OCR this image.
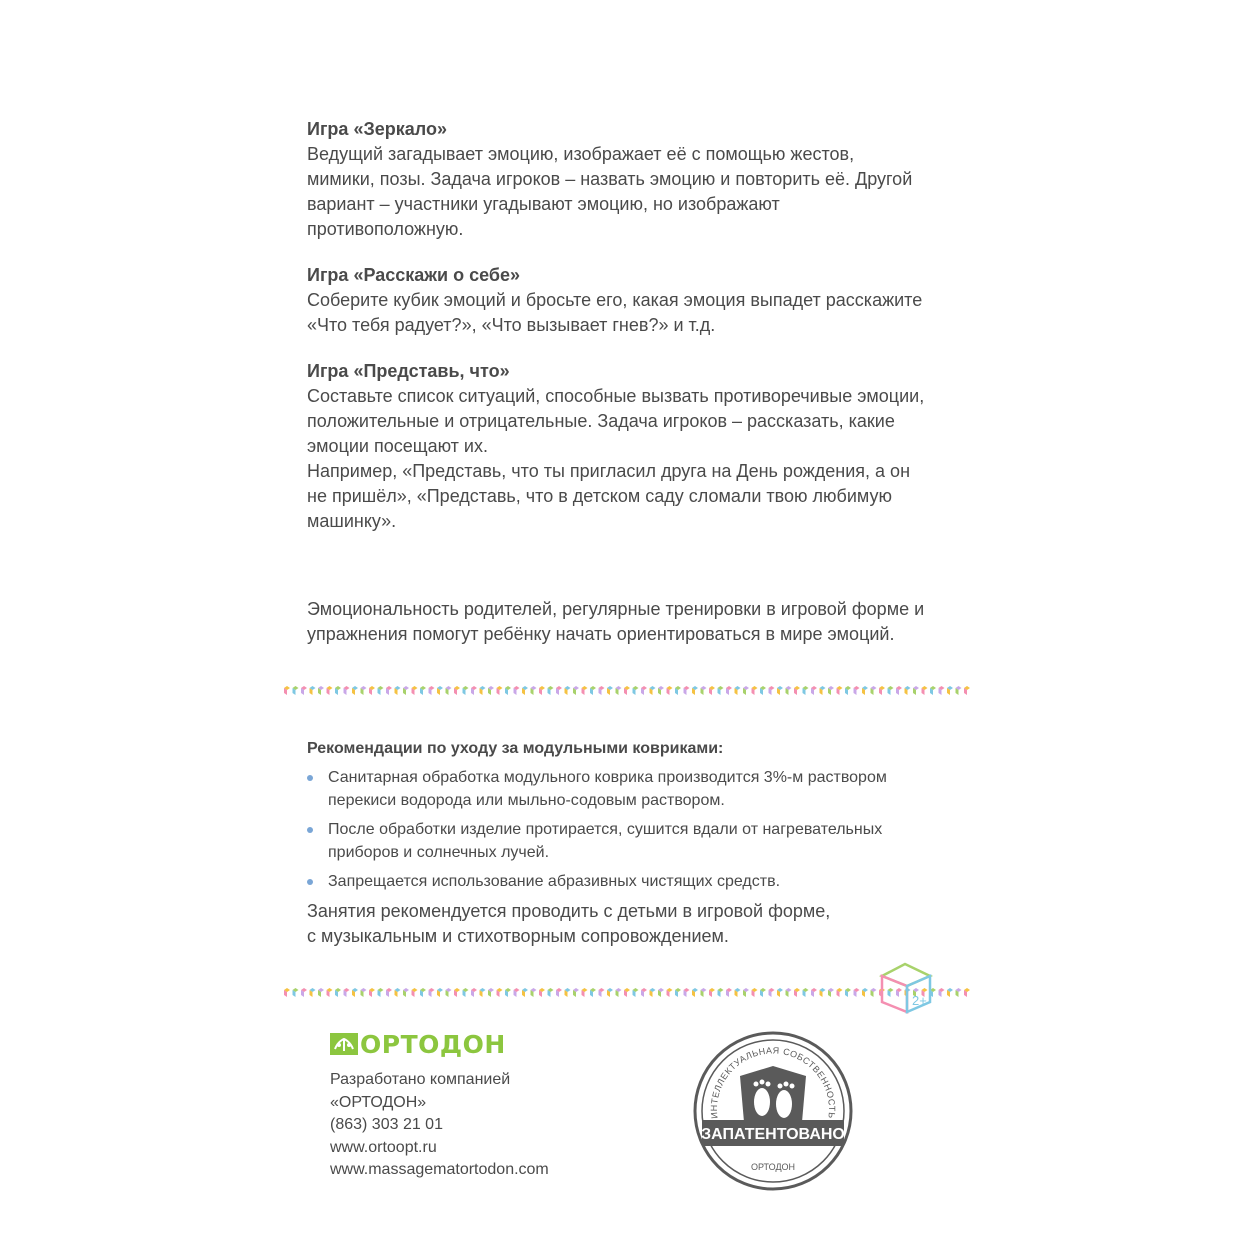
Игра «Зеркало»

Ведущий загадывает эмоцию, изображает её с помощью жестов,

мимики, позы. Задача игроков – назвать эмоцию и повторить её. Другой

вариант – участники угадывают эмоцию, но изображают

противоположную.

Игра «Расскажи о себе»

Соберите кубик эмоций и бросьте его, какая эмоция выпадет расскажите

«Что тебя радует?», «Что вызывает гнев?» и т.д.

Игра «Представь, что»

Составьте список ситуаций, способные вызвать противоречивые эмоции,

положительные и отрицательные. Задача игроков – рассказать, какие

эмоции посещают их.

Например, «Представь, что ты пригласил друга на День рождения, а он

не пришёл», «Представь, что в детском саду сломали твою любимую

машинку».

Эмоциональность родителей, регулярные тренировки в игровой форме и

упражнения помогут ребёнку начать ориентироваться в мире эмоций.

Рекомендации по уходу за модульными ковриками:

Санитарная обработка модульного коврика производится 3%-м раствором
перекиси водорода или мыльно-содовым раствором.
После обработки изделие протирается, сушится вдали от нагревательных
приборов и солнечных лучей.
Запрещается использование абразивных чистящих средств.

Занятия рекомендуется проводить с детьми в игровой форме,

с музыкальным и стихотворным сопровождением.

2+
ОРТОДОН
Разработано компанией
«ОРТОДОН»
(863) 303 21 01
www.ortoopt.ru
www.massagematortodon.com
ИНТЕЛЛЕКТУАЛЬНАЯ СОБСТВЕННОСТЬ
ЗАПАТЕНТОВАНО
ОРТОДОН
